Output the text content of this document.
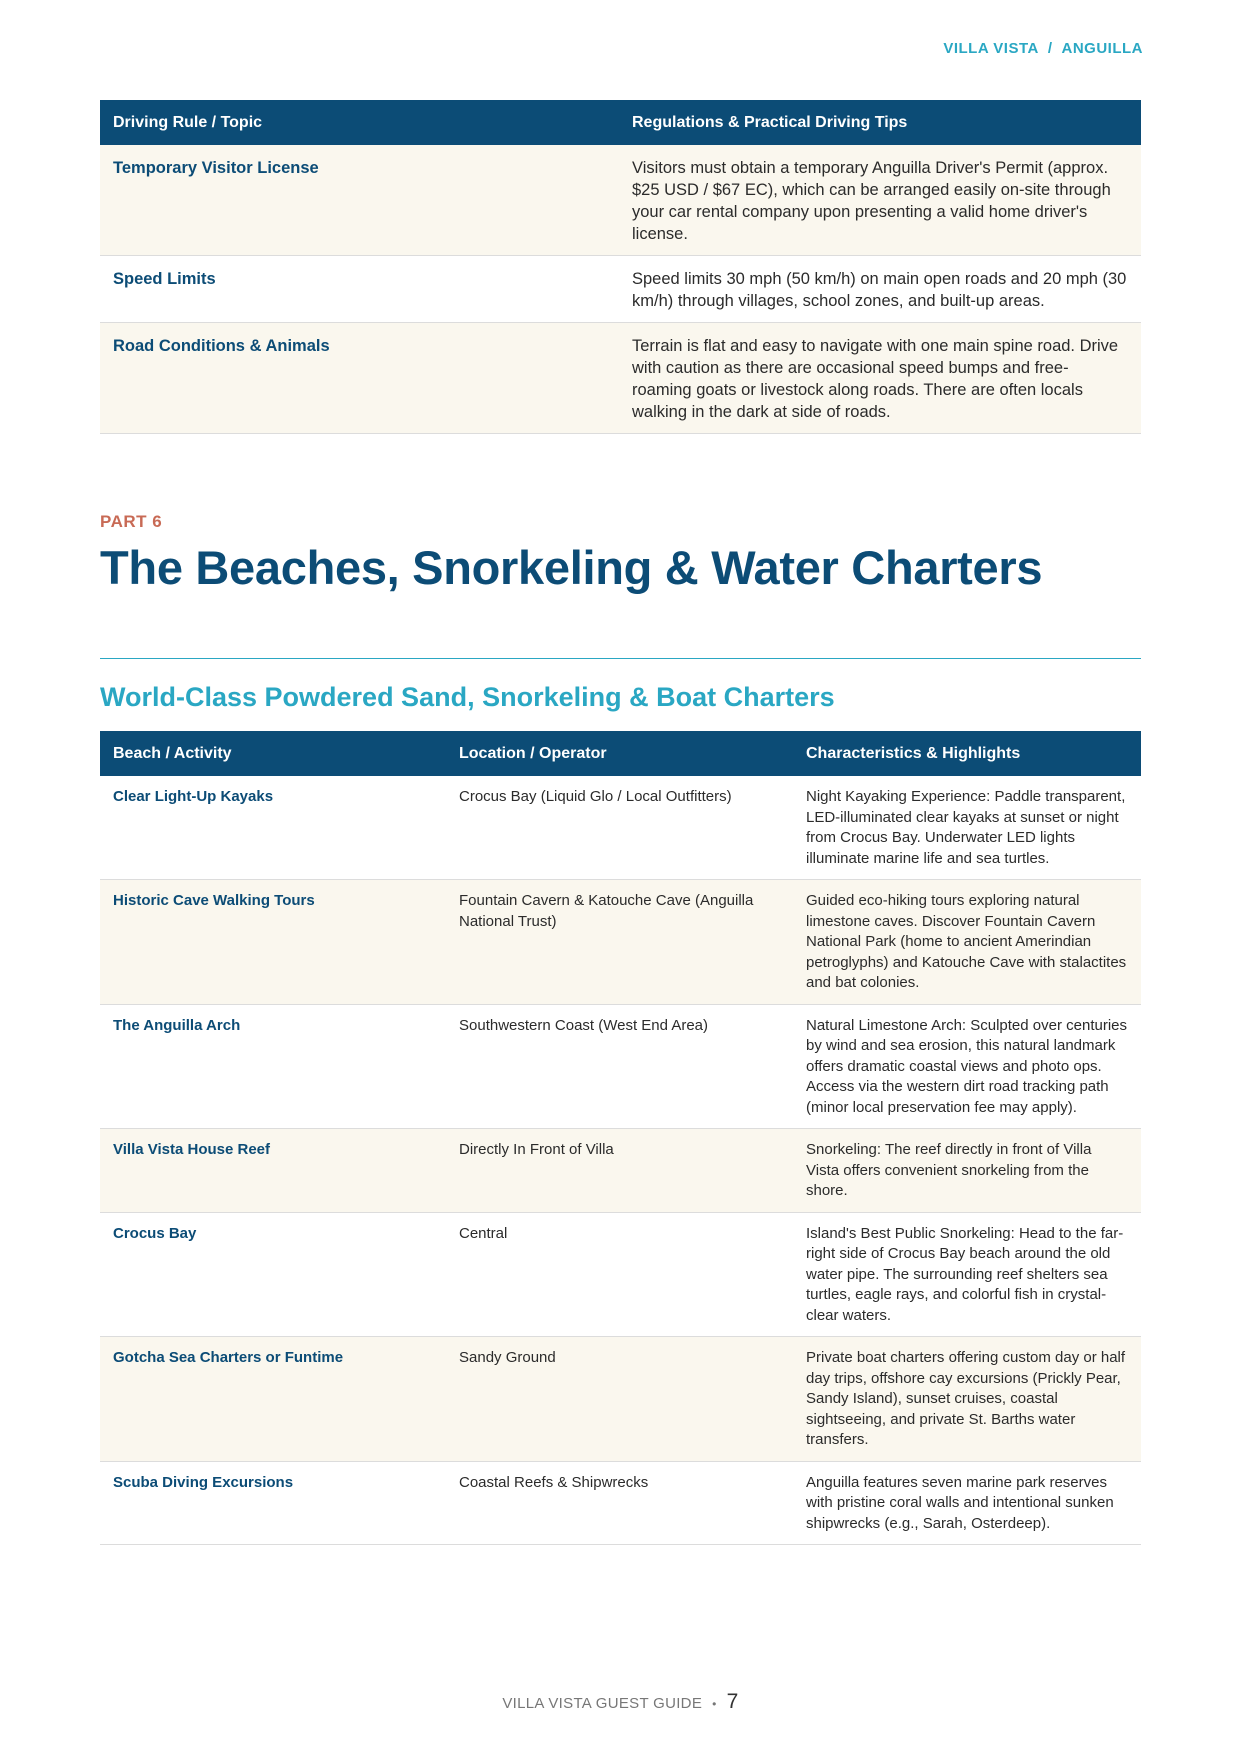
VILLA VISTA / ANGUILLA
Driving Rule / Topic	Regulations & Practical Driving Tips
Temporary Visitor License	Visitors must obtain a temporary Anguilla Driver's Permit (approx. $25 USD / $67 EC), which can be arranged easily on-site through your car rental company upon presenting a valid home driver's license.
Speed Limits	Speed limits 30 mph (50 km/h) on main open roads and 20 mph (30 km/h) through villages, school zones, and built-up areas.
Road Conditions & Animals	Terrain is flat and easy to navigate with one main spine road. Drive with caution as there are occasional speed bumps and free-roaming goats or livestock along roads. There are often locals walking in the dark at side of roads.
PART 6
The Beaches, Snorkeling & Water Charters
World-Class Powdered Sand, Snorkeling & Boat Charters
Beach / Activity	Location / Operator	Characteristics & Highlights
Clear Light-Up Kayaks	Crocus Bay (Liquid Glo / Local Outfitters)	Night Kayaking Experience: Paddle transparent, LED-illuminated clear kayaks at sunset or night from Crocus Bay. Underwater LED lights illuminate marine life and sea turtles.
Historic Cave Walking Tours	Fountain Cavern & Katouche Cave (Anguilla National Trust)	Guided eco-hiking tours exploring natural limestone caves. Discover Fountain Cavern National Park (home to ancient Amerindian petroglyphs) and Katouche Cave with stalactites and bat colonies.
The Anguilla Arch	Southwestern Coast (West End Area)	Natural Limestone Arch: Sculpted over centuries by wind and sea erosion, this natural landmark offers dramatic coastal views and photo ops. Access via the western dirt road tracking path (minor local preservation fee may apply).
Villa Vista House Reef	Directly In Front of Villa	Snorkeling: The reef directly in front of Villa Vista offers convenient snorkeling from the shore.
Crocus Bay	Central	Island's Best Public Snorkeling: Head to the far-right side of Crocus Bay beach around the old water pipe. The surrounding reef shelters sea turtles, eagle rays, and colorful fish in crystal-clear waters.
Gotcha Sea Charters or Funtime	Sandy Ground	Private boat charters offering custom day or half day trips, offshore cay excursions (Prickly Pear, Sandy Island), sunset cruises, coastal sightseeing, and private St. Barths water transfers.
Scuba Diving Excursions	Coastal Reefs & Shipwrecks	Anguilla features seven marine park reserves with pristine coral walls and intentional sunken shipwrecks (e.g., Sarah, Osterdeep).
VILLA VISTA GUEST GUIDE • 7
